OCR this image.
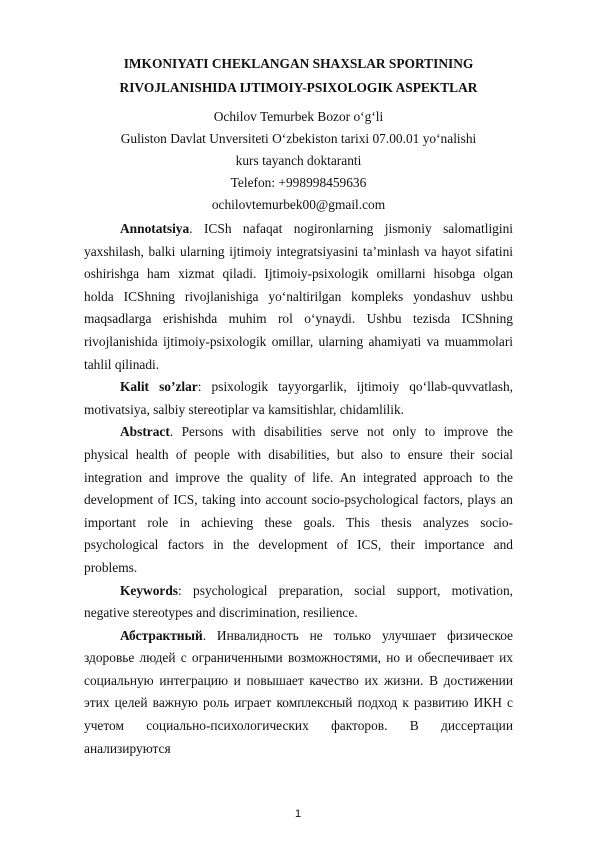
IMKONIYATI CHEKLANGAN SHAXSLAR SPORTINING

RIVOJLANISHIDA IJTIMOIY-PSIXOLOGIK ASPEKTLAR

Ochilov Temurbek Bozor oʻgʻli

Guliston Davlat Unversiteti Oʻzbekiston tarixi 07.00.01 yoʻnalishi

kurs tayanch doktaranti

Telefon: +998998459636

ochilovtemurbek00@gmail.com

Annotatsiya. ICSh nafaqat nogironlarning jismoniy salomatligini yaxshilash, balki ularning ijtimoiy integratsiyasini ta’minlash va hayot sifatini oshirishga ham xizmat qiladi. Ijtimoiy-psixologik omillarni hisobga olgan holda ICShning rivojlanishiga yoʻnaltirilgan kompleks yondashuv ushbu maqsadlarga erishishda muhim rol oʻynaydi. Ushbu tezisda ICShning rivojlanishida ijtimoiy-psixologik omillar, ularning ahamiyati va muammolari tahlil qilinadi.

Kalit so’zlar: psixologik tayyorgarlik, ijtimoiy qoʻllab-quvvatlash, motivatsiya, salbiy stereotiplar va kamsitishlar, chidamlilik.

Abstract. Persons with disabilities serve not only to improve the physical health of people with disabilities, but also to ensure their social integration and improve the quality of life. An integrated approach to the development of ICS, taking into account socio-psychological factors, plays an important role in achieving these goals. This thesis analyzes socio-psychological factors in the development of ICS, their importance and problems.

Keywords: psychological preparation, social support, motivation, negative stereotypes and discrimination, resilience.

Абстрактный. Инвалидность не только улучшает физическое здоровье людей с ограниченными возможностями, но и обеспечивает их социальную интеграцию и повышает качество их жизни. В достижении этих целей важную роль играет комплексный подход к развитию ИКН с учетом социально-психологических факторов. В диссертации анализируются

1
